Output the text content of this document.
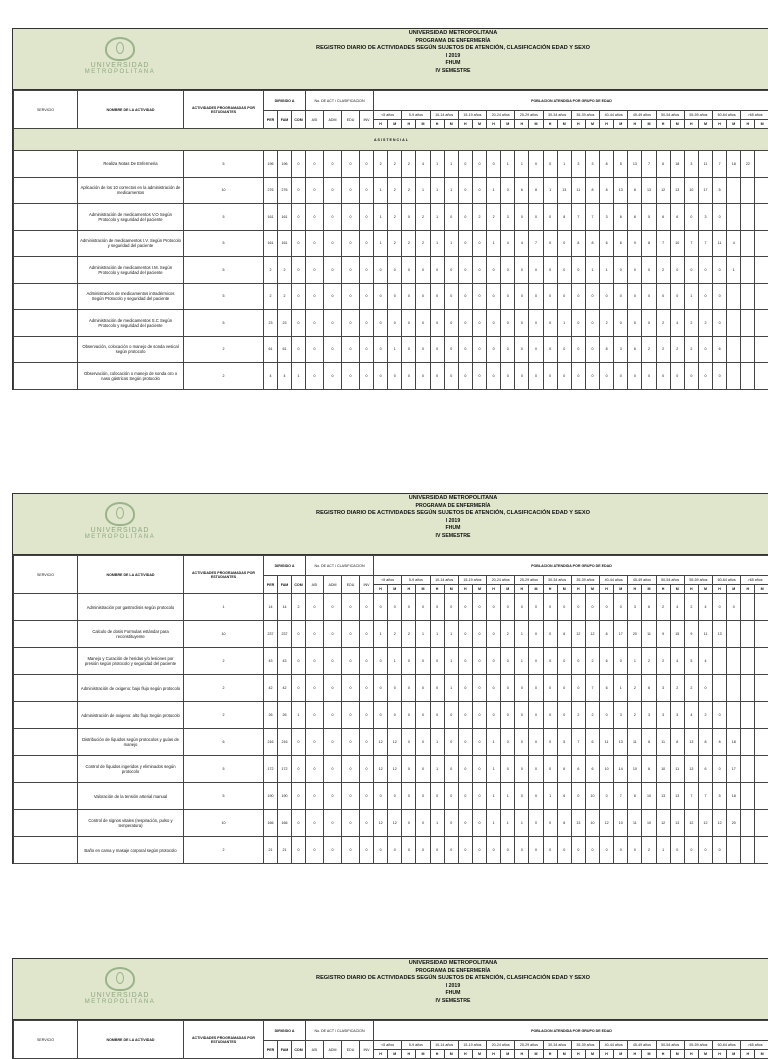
UNIVERSIDAD
METROPOLITANA
UNIVERSIDAD METROPOLITANA
PROGRAMA DE ENFERMERÍA
REGISTRO DIARIO DE ACTIVIDADES SEGÚN SUJETOS DE ATENCIÓN, CLASIFICACIÓN EDAD Y SEXO
I 2019
FHUM
IV SEMESTRE
SERVICIO	NOMBRE DE LA ACTIVIDAD	ACTIVIDADES PROGRAMADAS POR ESTUDIANTES	DIRIGIDO A			No. DE ACT / CLASIFICACION				POBLACION ATENDIDA POR GRUPO DE EDAD																											
			PER	FAM	COM	ASI	ADM	EDU	INV	<5 años		5-9 años		10-14 años		15-19 años		20-24 años		25-29 años		30-34 años		35-39 años		40-44 años		45-49 años		50-54 años		55-59 años		60-64 años		>65 años	
										H	M	H	M	H	M	H	M	H	M	H	M	H	M	H	M	H	M	H	M	H	M	H	M	H	M	H	M
ASISTENCIAL																																					
	Realiza Notas De Enfermeria	5	196	196	0	0	0	0	0	2	2	2	4	1	1	0	0	0	1	1	0	0	1	3	3	8	5	13	7	6	18	3	11	7	18	22	
	Aplicación de los 10 correctos en la administración de medicamentos	10	276	276	0	0	0	0	0	1	2	2	1	1	1	0	0	1	0	6	8	1	13	11	8	8	13	8	13	12	13	10	17	5			
	Administración de medicamentos V.O Según Protocolo y seguridad del paciente	5	161	161	0	0	0	0	0	1	2	0	2	1	0	0	2	2	3	0	0	0	8	7	7	3	6	6	5	6	6	0	3	0			
	Administración de medicamentos I.V. Según Protocolo y seguridad del paciente	5	161	161	0	0	0	0	0	1	2	2	2	1	1	0	0	1	4	4	7	0	0	8	8	6	6	9	8	7	10	7	7	11	4		
	Administración de medicamentos I.M. Según Protocolo y seguridad del paciente	5	2	2	0	0	0	0	0	0	0	0	0	0	0	0	0	0	0	0	0	0	0	0	1	1	0	0	0	2	0	0	0	0	1		
	Administración de medicamentos intradérmicos Según Protocolo y seguridad del paciente	5	2	2	0	0	0	0	0	0	0	0	0	0	0	0	0	0	0	0	0	0	0	0	0	0	0	0	0	0	0	1	0	0			
	Administración de medicamentos S.C Según Protocolo y seguridad del paciente	5	23	23	0	0	0	0	0	0	0	0	0	0	0	0	0	0	0	0	0	0	1	0	0	2	0	5	0	2	4	2	2	0			
	Observación, colocación o manejo de sonda vesical según protocolo	2	61	61	0	0	0	0	0	0	1	0	0	0	0	0	0	0	0	0	0	0	0	0	0	8	3	6	2	2	2	2	0	6			
	Observación, colocación o manejo de sonda oro o naso gástricos Según protocolo	2	4	4	1	0	0	0	0	0	0	0	0	0	0	0	0	0	0	0	0	0	0	0	0	0	0	0	0	0	0	0	0	0			
UNIVERSIDAD
METROPOLITANA
UNIVERSIDAD METROPOLITANA
PROGRAMA DE ENFERMERÍA
REGISTRO DIARIO DE ACTIVIDADES SEGÚN SUJETOS DE ATENCIÓN, CLASIFICACIÓN EDAD Y SEXO
I 2019
FHUM
IV SEMESTRE
SERVICIO	NOMBRE DE LA ACTIVIDAD	ACTIVIDADES PROGRAMADAS POR ESTUDIANTES	DIRIGIDO A			No. DE ACT / CLASIFICACION				POBLACION ATENDIDA POR GRUPO DE EDAD																											
			PER	FAM	COM	ASI	ADM	EDU	INV	<5 años		5-9 años		10-14 años		15-19 años		20-24 años		25-29 años		30-34 años		35-39 años		40-44 años		45-49 años		50-54 años		55-59 años		60-64 años		>65 años	
										H	M	H	M	H	M	H	M	H	M	H	M	H	M	H	M	H	M	H	M	H	M	H	M	H	M	H	M
	Administración por gastroclisis según protocolo	1	14	14	2	0	0	0	0	0	0	0	0	0	0	0	0	0	0	0	0	0	0	0	0	0	0	3	6	2	4	2	4	0	0		
	Calculo de dosis Formulas estándar para reconstituyente	10	237	237	0	0	0	0	0	1	2	2	1	1	1	0	0	0	2	1	0	0	6	12	12	6	17	20	11	9	15	9	11	13			
	Manejo y Curación de heridas y/o lesiones por presión según protocolo y seguridad del paciente	2	43	43	0	0	0	0	0	0	1	0	0	0	1	0	0	0	0	1	0	0	0	0	2	6	0	1	2	2	4	5	4				
	Administración de oxigeno: bajo flujo según protocolo	2	42	42	0	0	0	0	0	0	0	0	0	0	1	0	0	0	0	0	0	0	0	0	7	6	1	2	6	3	2	2	0				
	Administración de oxigeno: alto flujo Según protocolo	2	26	26	1	0	0	0	0	0	0	0	0	0	0	0	0	0	0	0	0	0	0	2	2	0	3	2	3	3	3	4	2	0			
	Distribución de líquidos según protocolos y guías de manejo	6	216	216	0	0	0	0	0	12	12	0	0	1	0	0	0	1	0	0	0	0	5	7	6	11	13	11	8	11	8	13	8	8	18		
	Control de líquidos ingeridos y eliminados según protocolo	5	172	172	0	0	0	0	0	12	12	0	0	1	0	0	0	1	0	0	0	0	6	6	6	10	14	10	8	10	11	13	6	0	17		
	Valoración de la tensión arterial manual	5	190	190	0	0	0	0	0	0	0	0	0	0	0	0	0	1	1	0	0	1	6	0	10	0	7	6	10	13	13	7	7	5	18		
	Control de signos vitales (respiración, pulso y temperatura)	10	166	166	0	0	0	0	0	12	12	0	0	1	0	0	0	1	1	1	0	0	6	13	10	12	10	11	10	12	13	12	12	12	20		
	Baño en cama y masaje corporal según protocolo	2	21	21	0	0	0	0	0	0	0	0	0	0	0	0	0	0	0	0	0	0	0	0	0	0	0	0	2	1	0	0	0	0			
UNIVERSIDAD
METROPOLITANA
UNIVERSIDAD METROPOLITANA
PROGRAMA DE ENFERMERÍA
REGISTRO DIARIO DE ACTIVIDADES SEGÚN SUJETOS DE ATENCIÓN, CLASIFICACIÓN EDAD Y SEXO
I 2019
FHUM
IV SEMESTRE
SERVICIO	NOMBRE DE LA ACTIVIDAD	ACTIVIDADES PROGRAMADAS POR ESTUDIANTES	DIRIGIDO A			No. DE ACT / CLASIFICACION				POBLACION ATENDIDA POR GRUPO DE EDAD																											
			PER	FAM	COM	ASI	ADM	EDU	INV	<5 años		5-9 años		10-14 años		15-19 años		20-24 años		25-29 años		30-34 años		35-39 años		40-44 años		45-49 años		50-54 años		55-59 años		60-64 años		>65 años	
										H	M	H	M	H	M	H	M	H	M	H	M	H	M	H	M	H	M	H	M	H	M	H	M	H	M	H	M
